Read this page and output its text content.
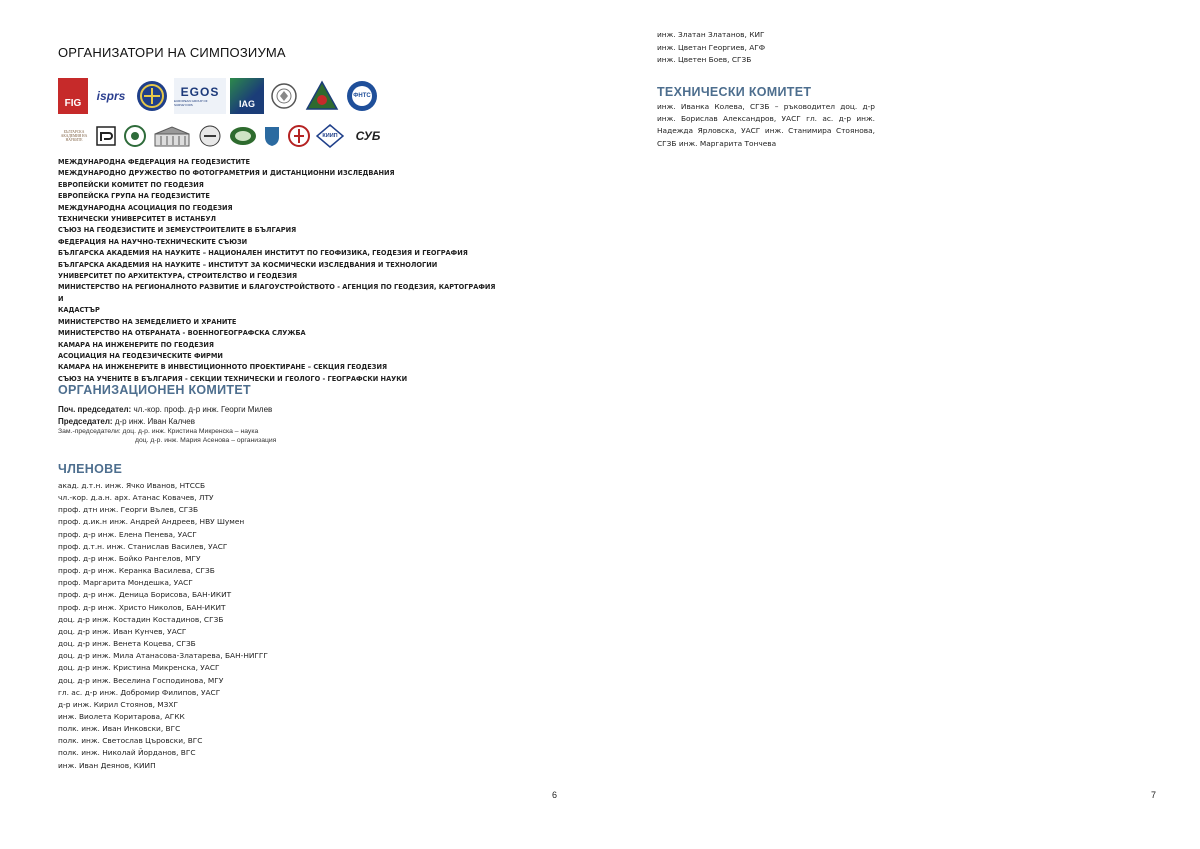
ОРГАНИЗАТОРИ НА СИМПОЗИУМА
FIG isprs	EGOS
EUROPEAN GROUP OF SURVEYORS	IAG
ФНТС
БЪЛГАРСКА АКАДЕМИЯ НА НАУКИТЕ
КИИП СУБ
МЕЖДУНАРОДНА ФЕДЕРАЦИЯ НА ГЕОДЕЗИСТИТЕ
МЕЖДУНАРОДНО ДРУЖЕСТВО ПО ФОТОГРАМЕТРИЯ И ДИСТАНЦИОННИ ИЗСЛЕДВАНИЯ
ЕВРОПЕЙСКИ КОМИТЕТ ПО ГЕОДЕЗИЯ
ЕВРОПЕЙСКА ГРУПА НА ГЕОДЕЗИСТИТЕ
МЕЖДУНАРОДНА АСОЦИАЦИЯ ПО ГЕОДЕЗИЯ
ТЕХНИЧЕСКИ УНИВЕРСИТЕТ В ИСТАНБУЛ
СЪЮЗ НА ГЕОДЕЗИСТИТЕ И ЗЕМЕУСТРОИТЕЛИТЕ В БЪЛГАРИЯ
ФЕДЕРАЦИЯ НА НАУЧНО-ТЕХНИЧЕСКИТЕ СЪЮЗИ
БЪЛГАРСКА АКАДЕМИЯ НА НАУКИТЕ – НАЦИОНАЛЕН ИНСТИТУТ ПО ГЕОФИЗИКА, ГЕОДЕЗИЯ И ГЕОГРАФИЯ
БЪЛГАРСКА АКАДЕМИЯ НА НАУКИТЕ – ИНСТИТУТ ЗА КОСМИЧЕСКИ ИЗСЛЕДВАНИЯ И ТЕХНОЛОГИИ
УНИВЕРСИТЕТ ПО АРХИТЕКТУРА, СТРОИТЕЛСТВО И ГЕОДЕЗИЯ
МИНИСТЕРСТВО НА РЕГИОНАЛНОТО РАЗВИТИЕ И БЛАГОУСТРОЙСТВОТО - АГЕНЦИЯ ПО ГЕОДЕЗИЯ, КАРТОГРАФИЯ И
КАДАСТЪР
МИНИСТЕРСТВО НА ЗЕМЕДЕЛИЕТО И ХРАНИТЕ
МИНИСТЕРСТВО НА ОТБРАНАТА - ВОЕННОГЕОГРАФСКА СЛУЖБА
КАМАРА НА ИНЖЕНЕРИТЕ ПО ГЕОДЕЗИЯ
АСОЦИАЦИЯ НА ГЕОДЕЗИЧЕСКИТЕ ФИРМИ
КАМАРА НА ИНЖЕНЕРИТЕ В ИНВЕСТИЦИОННОТО ПРОЕКТИРАНЕ – СЕКЦИЯ ГЕОДЕЗИЯ
СЪЮЗ НА УЧЕНИТЕ В БЪЛГАРИЯ - СЕКЦИИ ТЕХНИЧЕСКИ И ГЕОЛОГО - ГЕОГРАФСКИ НАУКИ
ОРГАНИЗАЦИОНЕН КОМИТЕТ
Поч. председател: чл.-кор. проф. д-р инж. Георги Милев
Председател: д-р инж. Иван Калчев
Зам.-председатели: доц. д-р. инж. Кристина Микренска – наука
доц. д-р. инж. Мария Асенова – организация
ЧЛЕНОВЕ
акад. д.т.н. инж. Ячко Иванов, НТССБ
чл.-кор. д.а.н. арх. Атанас Ковачев, ЛТУ
проф. дтн инж. Георги Вълев, СГЗБ
проф. д.ик.н инж. Андрей Андреев, НВУ Шумен
проф. д-р инж. Елена Пенева, УАСГ
проф. д.т.н. инж. Станислав Василев, УАСГ
проф. д-р инж. Бойко Рангелов, МГУ
проф. д-р инж. Керанка Василева, СГЗБ
проф. Маргарита Мондешка, УАСГ
проф. д-р инж. Деница Борисова, БАН-ИКИТ
проф. д-р инж. Христо Николов, БАН-ИКИТ
доц. д-р инж. Костадин Костадинов, СГЗБ
доц. д-р инж. Иван Кунчев, УАСГ
доц. д-р инж. Венета Коцева, СГЗБ
доц. д-р инж. Мила Атанасова-Златарева, БАН-НИГГГ
доц. д-р инж. Кристина Микренска, УАСГ
доц. д-р инж. Веселина Господинова, МГУ
гл. ас. д-р инж. Добромир Филипов, УАСГ
д-р инж. Кирил Стоянов, МЗХГ
инж. Виолета Коритарова, АГКК
полк. инж. Иван Инковски, ВГС
полк. инж. Светослав Църовски, ВГС
полк. инж. Николай Йорданов, ВГС
инж. Иван Деянов, КИИП
6
инж. Златан Златанов, КИГ
инж. Цветан Георгиев, АГФ
инж. Цветен Боев, СГЗБ
ТЕХНИЧЕСКИ КОМИТЕТ
инж. Иванка Колева, СГЗБ – ръководител доц. д-р инж. Борислав Александров, УАСГ гл. ас. д-р инж. Надежда Ярловска, УАСГ инж. Станимира Стоянова, СГЗБ инж. Маргарита Тончева
7
